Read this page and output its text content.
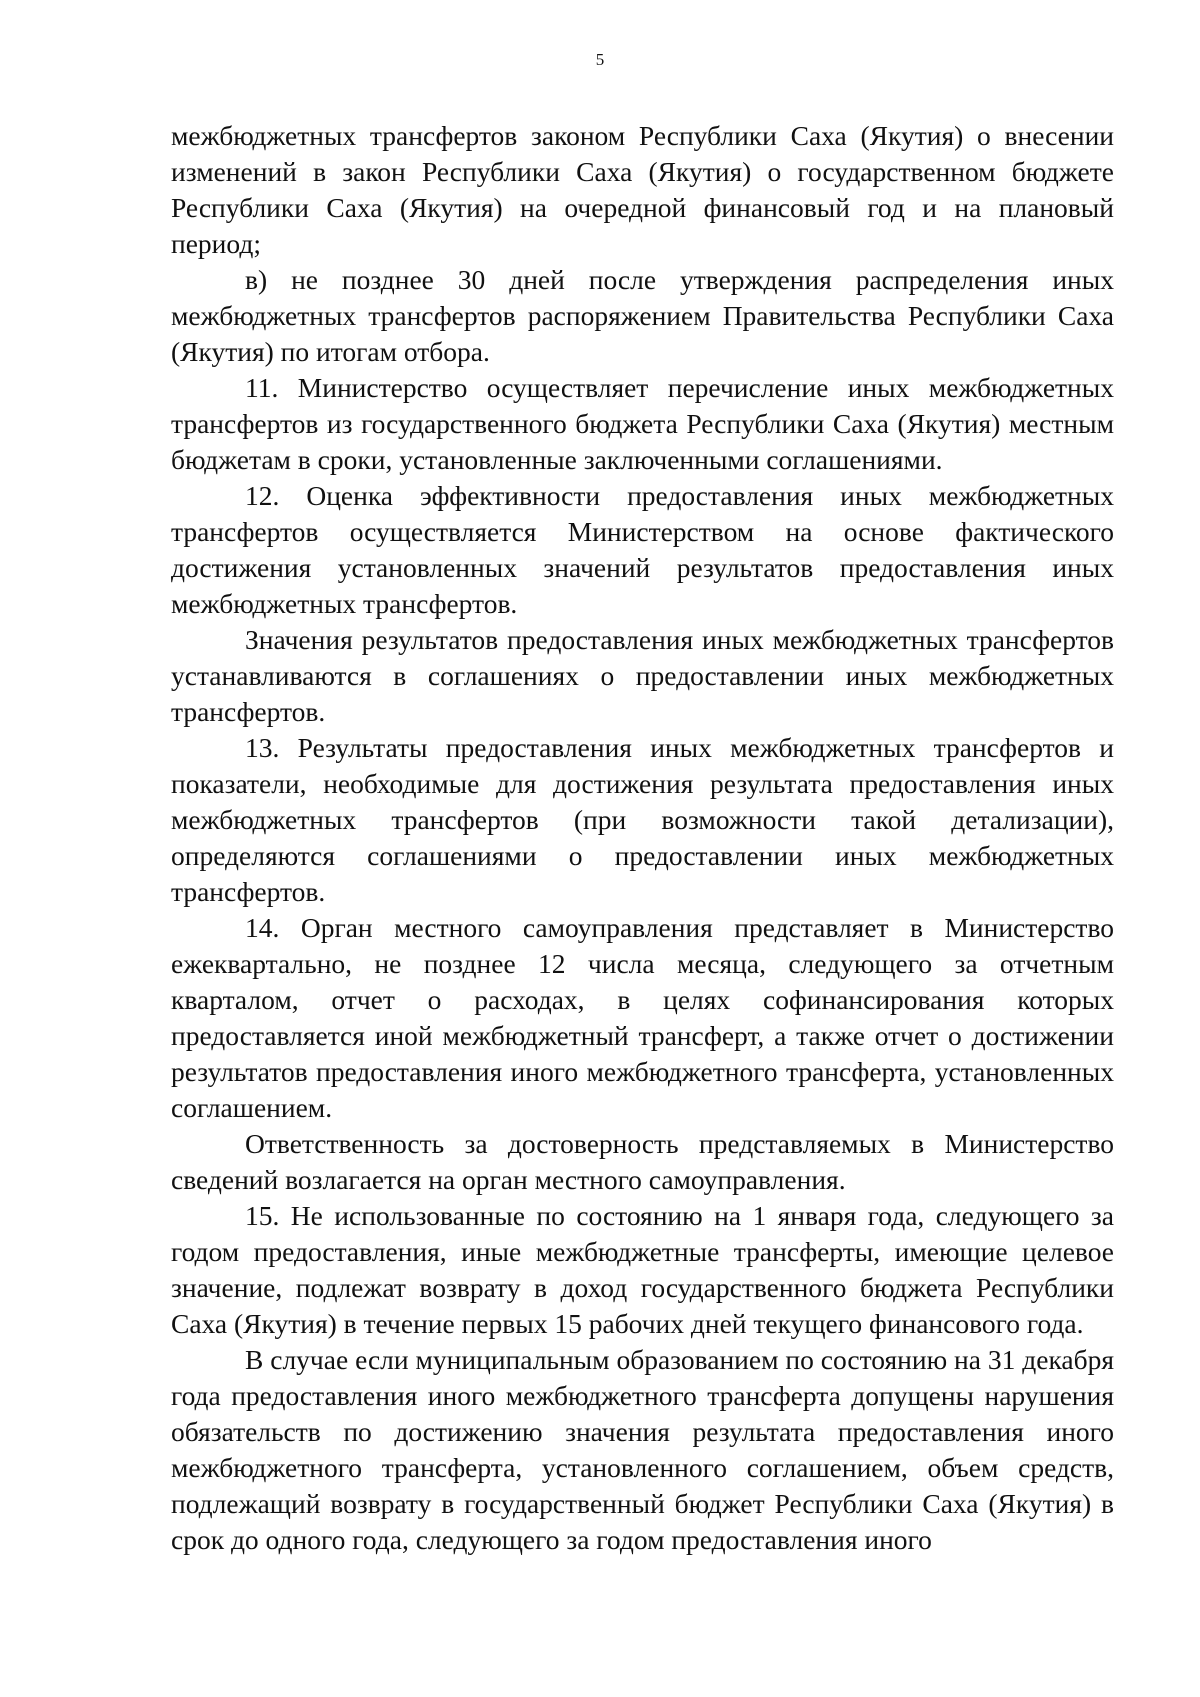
5

межбюджетных трансфертов законом Республики Саха (Якутия) о внесении изменений в закон Республики Саха (Якутия) о государственном бюджете Республики Саха (Якутия) на очередной финансовый год и на плановый период;

в) не позднее 30 дней после утверждения распределения иных межбюджетных трансфертов распоряжением Правительства Республики Саха (Якутия) по итогам отбора.

11. Министерство осуществляет перечисление иных межбюджетных трансфертов из государственного бюджета Республики Саха (Якутия) местным бюджетам в сроки, установленные заключенными соглашениями.

12. Оценка эффективности предоставления иных межбюджетных трансфертов осуществляется Министерством на основе фактического достижения установленных значений результатов предоставления иных межбюджетных трансфертов.

Значения результатов предоставления иных межбюджетных трансфертов устанавливаются в соглашениях о предоставлении иных межбюджетных трансфертов.

13. Результаты предоставления иных межбюджетных трансфертов и показатели, необходимые для достижения результата предоставления иных межбюджетных трансфертов (при возможности такой детализации), определяются соглашениями о предоставлении иных межбюджетных трансфертов.

14. Орган местного самоуправления представляет в Министерство ежеквартально, не позднее 12 числа месяца, следующего за отчетным кварталом, отчет о расходах, в целях софинансирования которых предоставляется иной межбюджетный трансферт, а также отчет о достижении результатов предоставления иного межбюджетного трансферта, установленных соглашением.

Ответственность за достоверность представляемых в Министерство сведений возлагается на орган местного самоуправления.

15. Не использованные по состоянию на 1 января года, следующего за годом предоставления, иные межбюджетные трансферты, имеющие целевое значение, подлежат возврату в доход государственного бюджета Республики Саха (Якутия) в течение первых 15 рабочих дней текущего финансового года.

В случае если муниципальным образованием по состоянию на 31 декабря года предоставления иного межбюджетного трансферта допущены нарушения обязательств по достижению значения результата предоставления иного межбюджетного трансферта, установленного соглашением, объем средств, подлежащий возврату в государственный бюджет Республики Саха (Якутия) в срок до одного года, следующего за годом предоставления иного
